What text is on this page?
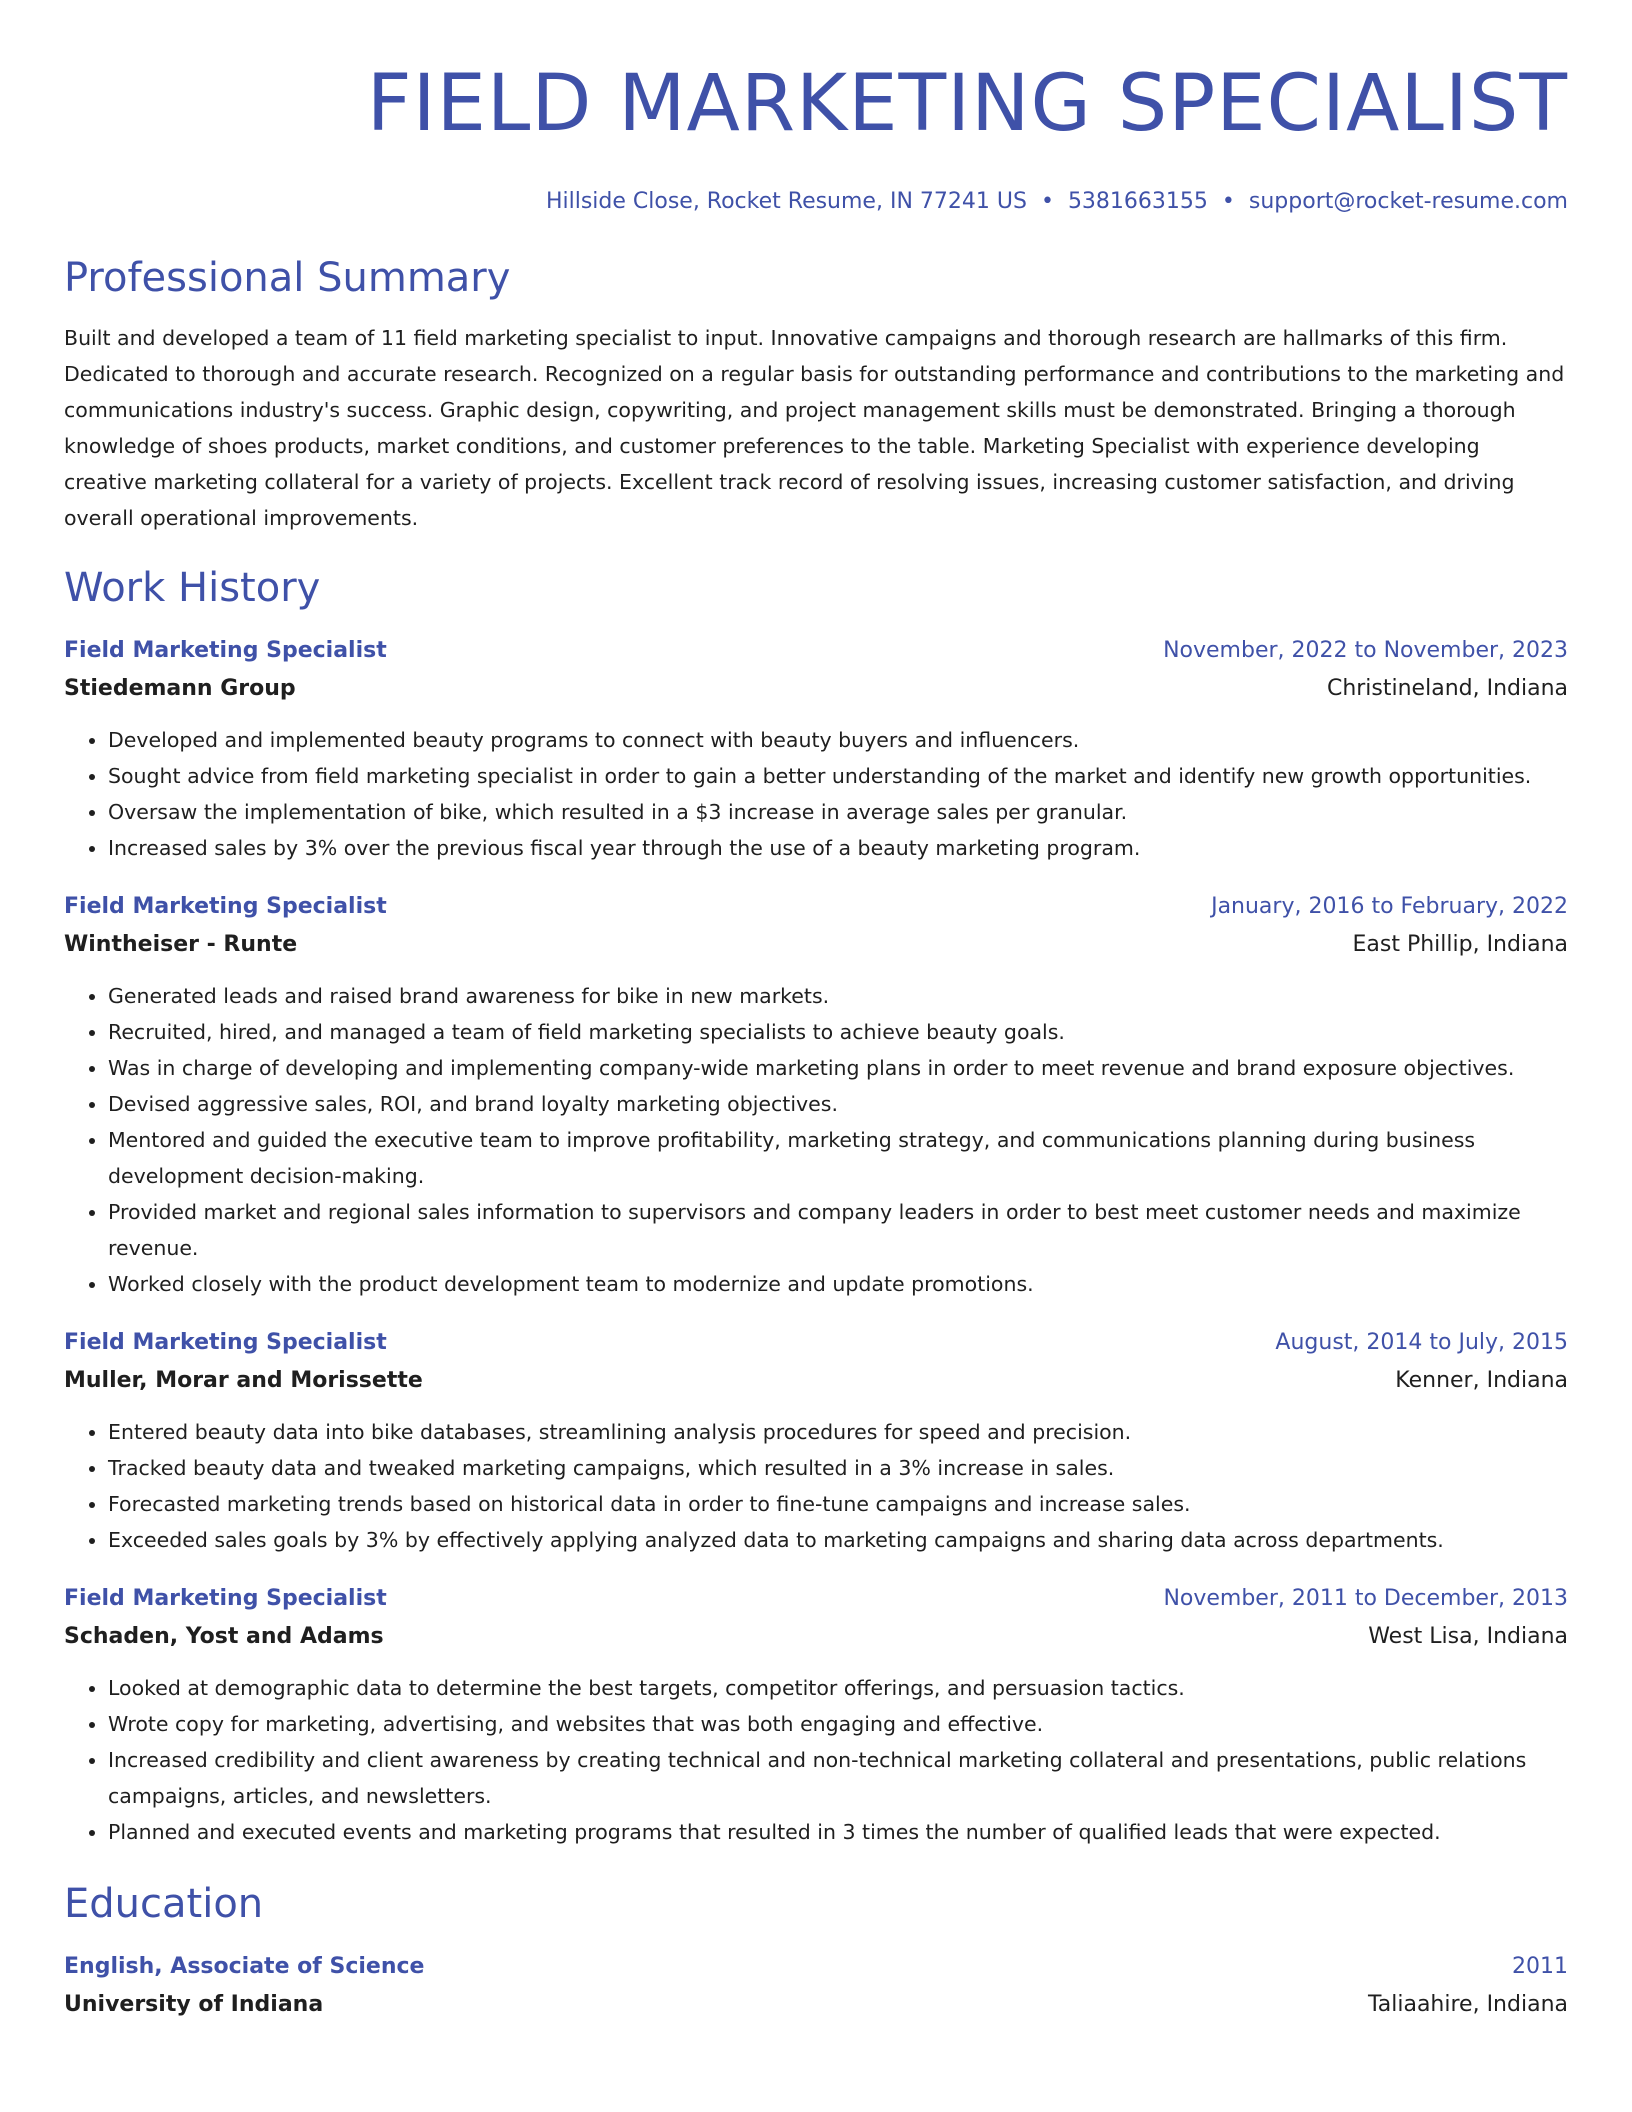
FIELD MARKETING SPECIALIST
Hillside Close, Rocket Resume, IN 77241 US • 5381663155 • support@rocket-resume.com
Professional Summary
Built and developed a team of 11 field marketing specialist to input. Innovative campaigns and thorough research are hallmarks of this firm. Dedicated to thorough and accurate research. Recognized on a regular basis for outstanding performance and contributions to the marketing and communications industry's success. Graphic design, copywriting, and project management skills must be demonstrated. Bringing a thorough knowledge of shoes products, market conditions, and customer preferences to the table. Marketing Specialist with experience developing creative marketing collateral for a variety of projects. Excellent track record of resolving issues, increasing customer satisfaction, and driving overall operational improvements.
Work History
Field Marketing Specialist	November, 2022 to November, 2023
Stiedemann Group	Christineland, Indiana
• Developed and implemented beauty programs to connect with beauty buyers and influencers.
• Sought advice from field marketing specialist in order to gain a better understanding of the market and identify new growth opportunities.
• Oversaw the implementation of bike, which resulted in a $3 increase in average sales per granular.
• Increased sales by 3% over the previous fiscal year through the use of a beauty marketing program.
Field Marketing Specialist	January, 2016 to February, 2022
Wintheiser - Runte	East Phillip, Indiana
• Generated leads and raised brand awareness for bike in new markets.
• Recruited, hired, and managed a team of field marketing specialists to achieve beauty goals.
• Was in charge of developing and implementing company-wide marketing plans in order to meet revenue and brand exposure objectives.
• Devised aggressive sales, ROI, and brand loyalty marketing objectives.
• Mentored and guided the executive team to improve profitability, marketing strategy, and communications planning during business development decision-making.
• Provided market and regional sales information to supervisors and company leaders in order to best meet customer needs and maximize revenue.
• Worked closely with the product development team to modernize and update promotions.
Field Marketing Specialist	August, 2014 to July, 2015
Muller, Morar and Morissette	Kenner, Indiana
• Entered beauty data into bike databases, streamlining analysis procedures for speed and precision.
• Tracked beauty data and tweaked marketing campaigns, which resulted in a 3% increase in sales.
• Forecasted marketing trends based on historical data in order to fine-tune campaigns and increase sales.
• Exceeded sales goals by 3% by effectively applying analyzed data to marketing campaigns and sharing data across departments.
Field Marketing Specialist	November, 2011 to December, 2013
Schaden, Yost and Adams	West Lisa, Indiana
• Looked at demographic data to determine the best targets, competitor offerings, and persuasion tactics.
• Wrote copy for marketing, advertising, and websites that was both engaging and effective.
• Increased credibility and client awareness by creating technical and non-technical marketing collateral and presentations, public relations campaigns, articles, and newsletters.
• Planned and executed events and marketing programs that resulted in 3 times the number of qualified leads that were expected.
Education
English, Associate of Science	2011
University of Indiana	Taliaahire, Indiana
